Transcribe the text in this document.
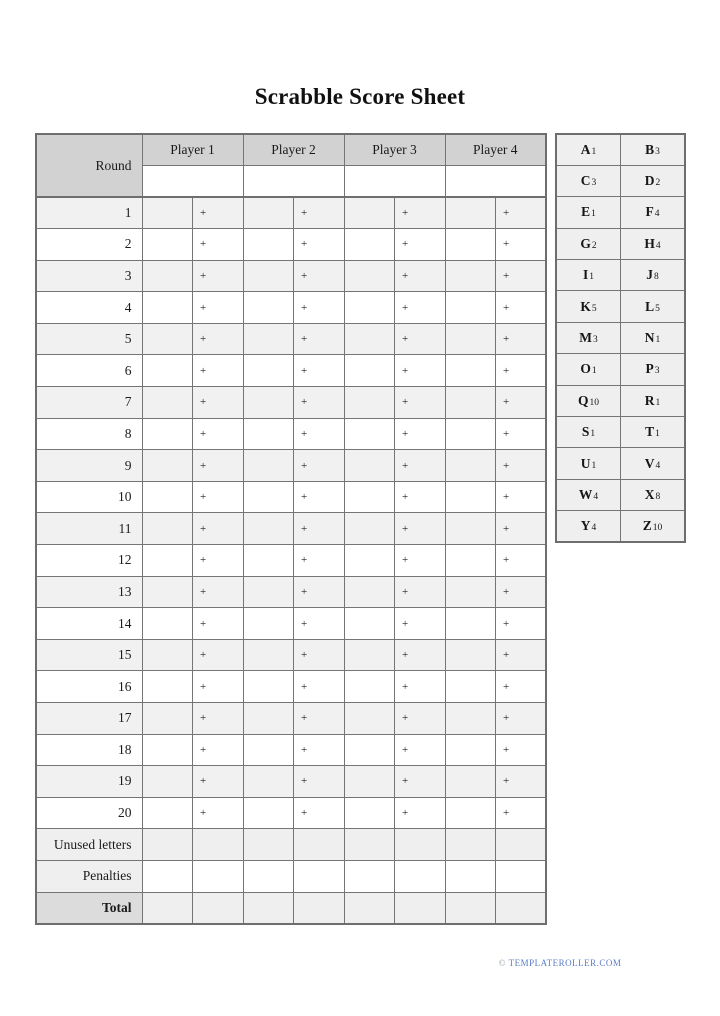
Scrabble Score Sheet
Round	Player 1		Player 2		Player 3		Player 4	

1		+		+		+		+
2		+		+		+		+
3		+		+		+		+
4		+		+		+		+
5		+		+		+		+
6		+		+		+		+
7		+		+		+		+
8		+		+		+		+
9		+		+		+		+
10		+		+		+		+
11		+		+		+		+
12		+		+		+		+
13		+		+		+		+
14		+		+		+		+
15		+		+		+		+
16		+		+		+		+
17		+		+		+		+
18		+		+		+		+
19		+		+		+		+
20		+		+		+		+
Unused letters								
Penalties								
Total								
A1	B3
C3	D2
E1	F4
G2	H4
I1	J8
K5	L5
M3	N1
O1	P3
Q10	R1
S1	T1
U1	V4
W4	X8
Y4	Z10
© TEMPLATEROLLER.COM
